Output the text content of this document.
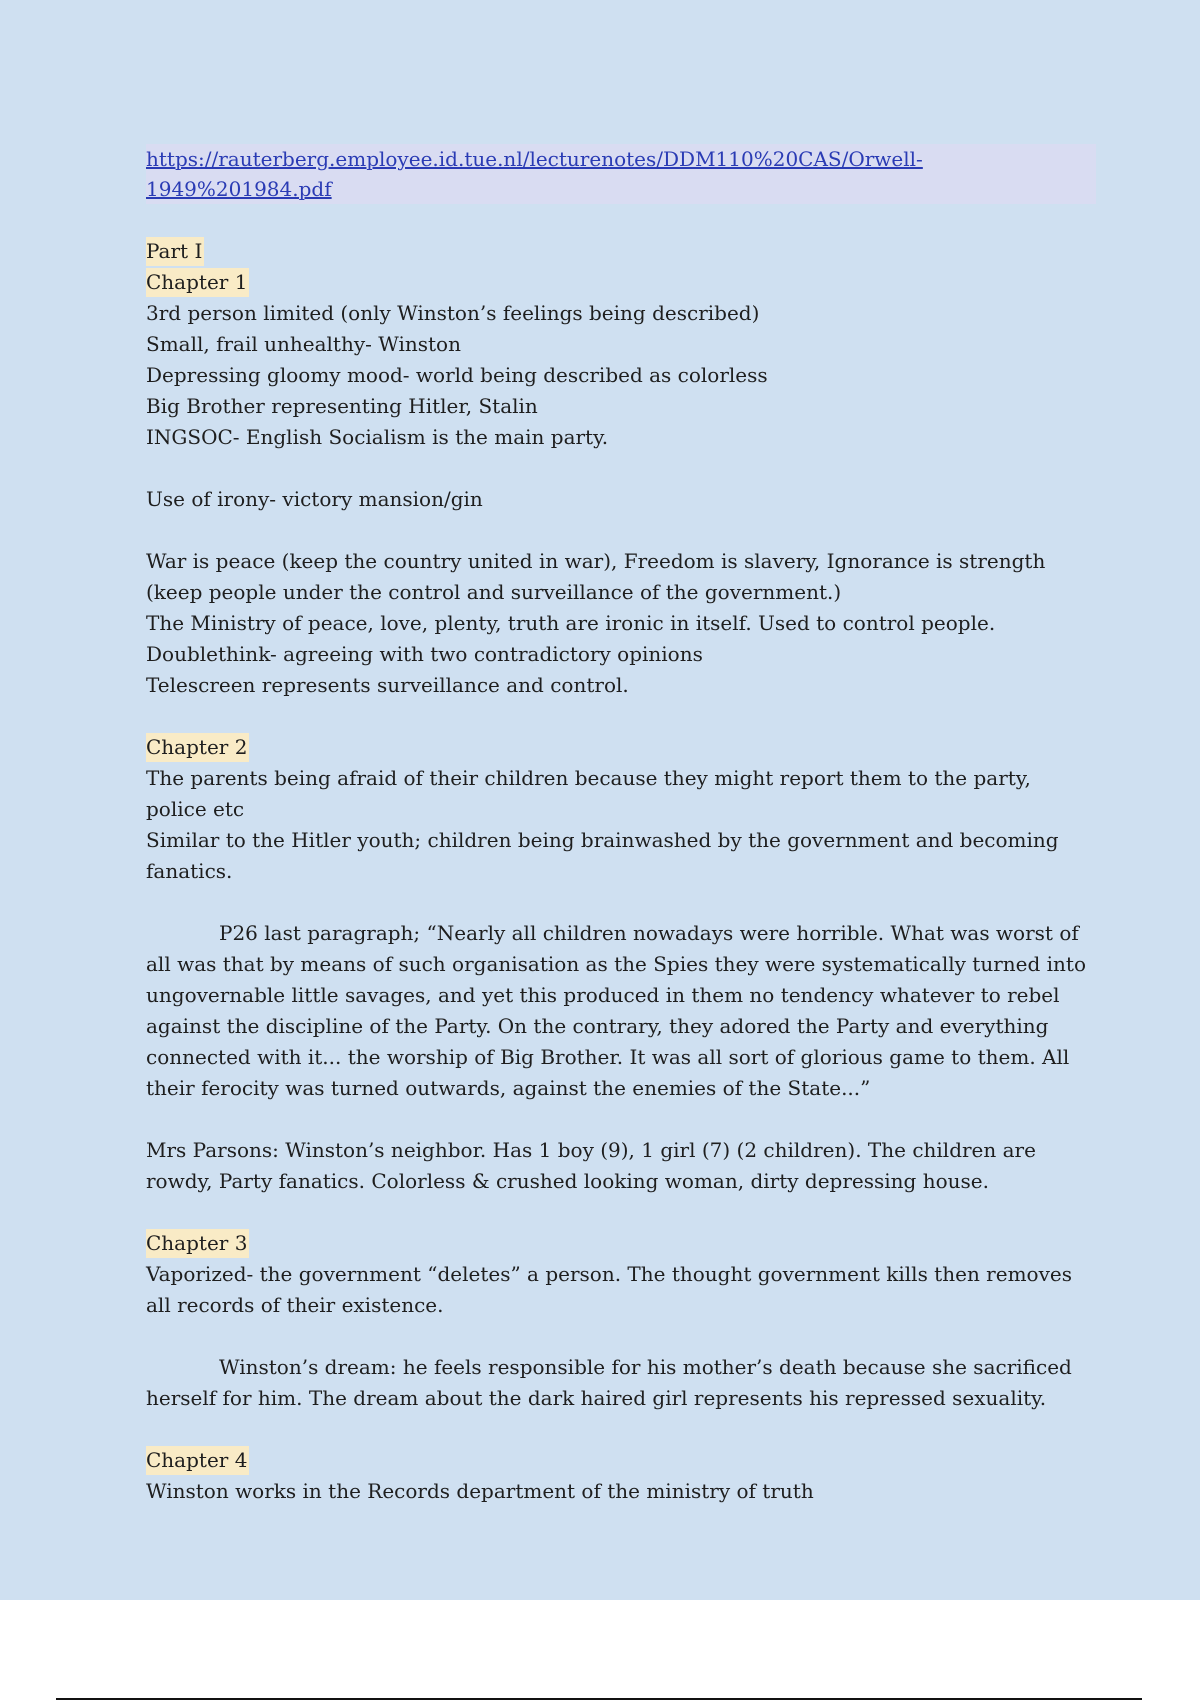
https://rauterberg.employee.id.tue.nl/lecturenotes/DDM110%20CAS/Orwell-1949%201984.pdf
Part I
Chapter 1

3rd person limited (only Winston’s feelings being described)

Small, frail unhealthy- Winston

Depressing gloomy mood- world being described as colorless

Big Brother representing Hitler, Stalin

INGSOC- English Socialism is the main party.

Use of irony- victory mansion/gin

War is peace (keep the country united in war), Freedom is slavery, Ignorance is strength (keep people under the control and surveillance of the government.)

The Ministry of peace, love, plenty, truth are ironic in itself. Used to control people.

Doublethink- agreeing with two contradictory opinions

Telescreen represents surveillance and control.

Chapter 2

The parents being afraid of their children because they might report them to the party, police etc

Similar to the Hitler youth; children being brainwashed by the government and becoming fanatics.

P26 last paragraph; “Nearly all children nowadays were horrible. What was worst of all was that by means of such organisation as the Spies they were systematically turned into ungovernable little savages, and yet this produced in them no tendency whatever to rebel against the discipline of the Party. On the contrary, they adored the Party and everything connected with it... the worship of Big Brother. It was all sort of glorious game to them. All their ferocity was turned outwards, against the enemies of the State...”

Mrs Parsons: Winston’s neighbor. Has 1 boy (9), 1 girl (7) (2 children). The children are rowdy, Party fanatics. Colorless & crushed looking woman, dirty depressing house.

Chapter 3

Vaporized- the government “deletes” a person. The thought government kills then removes all records of their existence.

Winston’s dream: he feels responsible for his mother’s death because she sacrificed herself for him. The dream about the dark haired girl represents his repressed sexuality.

Chapter 4

Winston works in the Records department of the ministry of truth
